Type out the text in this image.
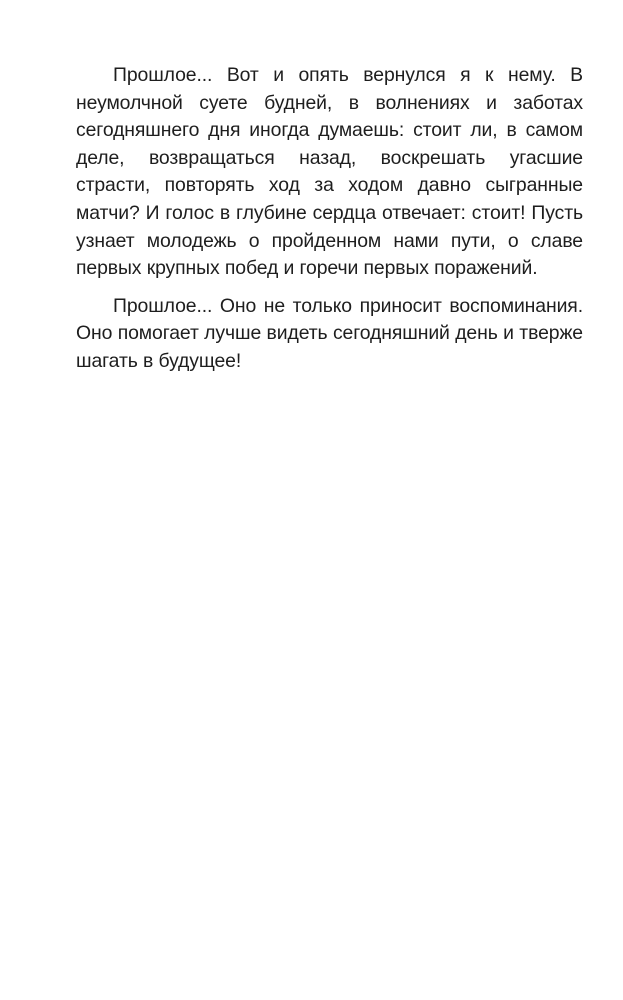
Прошлое... Вот и опять вернулся я к нему. В неумолчной суете будней, в волнениях и заботах сегодняшнего дня иногда думаешь: стоит ли, в самом деле, возвращаться назад, воскрешать угасшие страсти, повторять ход за ходом давно сыгранные матчи? И голос в глубине сердца отвечает: стоит! Пусть узнает молодежь о пройденном нами пути, о славе первых крупных побед и горечи первых поражений.

Прошлое... Оно не только приносит воспоминания. Оно помогает лучше видеть сегодняшний день и тверже шагать в будущее!
